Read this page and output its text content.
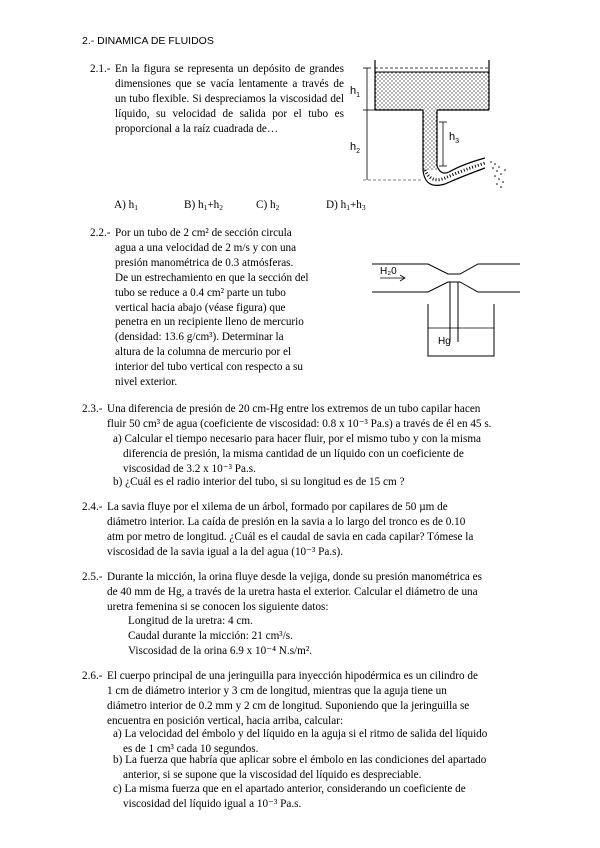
2.- DINAMICA DE FLUIDOS
2.1.- En la figura se representa un depósito de grandes dimensiones que se vacía lentamente a través de un tubo flexible. Si despreciamos la viscosidad del líquido, su velocidad de salida por el tubo es proporcional a la raíz cuadrada de…
A) $h_1$	B) $h_1+h_2$	C) $h_2$	D) $h_1+h_3$
$h_1$
$h_2$
$h_3$
2.2.- Por un tubo de 2 cm² de sección circula
agua a una velocidad de 2 m/s y con una
presión manométrica de 0.3 atmósferas.
De un estrechamiento en que la sección del
tubo se reduce a 0.4 cm² parte un tubo
vertical hacia abajo (véase figura) que
penetra en un recipiente lleno de mercurio
(densidad: 13.6 g/cm³). Determinar la
altura de la columna de mercurio por el
interior del tubo vertical con respecto a su
nivel exterior.
H₂0
Hg
2.3.- Una diferencia de presión de 20 cm-Hg entre los extremos de un tubo capilar hacen
fluir 50 cm³ de agua (coeficiente de viscosidad: 0.8 x 10⁻³ Pa.s) a través de él en 45 s.
a) Calcular el tiempo necesario para hacer fluir, por el mismo tubo y con la misma
diferencia de presión, la misma cantidad de un líquido con un coeficiente de
viscosidad de 3.2 x 10⁻³ Pa.s.
b) ¿Cuál es el radio interior del tubo, si su longitud es de 15 cm ?
2.4.- La savia fluye por el xilema de un árbol, formado por capilares de 50 µm de
diámetro interior. La caída de presión en la savia a lo largo del tronco es de 0.10
atm por metro de longitud. ¿Cuál es el caudal de savia en cada capilar? Tómese la
viscosidad de la savia igual a la del agua (10⁻³ Pa.s).
2.5.- Durante la micción, la orina fluye desde la vejiga, donde su presión manométrica es
de 40 mm de Hg, a través de la uretra hasta el exterior. Calcular el diámetro de una
uretra femenina si se conocen los siguiente datos:
Longitud de la uretra: 4 cm.
Caudal durante la micción: 21 cm³/s.
Viscosidad de la orina 6.9 x 10⁻⁴ N.s/m².
2.6.- El cuerpo principal de una jeringuilla para inyección hipodérmica es un cilindro de
1 cm de diámetro interior y 3 cm de longitud, mientras que la aguja tiene un
diámetro interior de 0.2 mm y 2 cm de longitud. Suponiendo que la jeringuilla se
encuentra en posición vertical, hacia arriba, calcular:
a) La velocidad del émbolo y del líquido en la aguja si el ritmo de salida del líquido
es de 1 cm³ cada 10 segundos.
b) La fuerza que habría que aplicar sobre el émbolo en las condiciones del apartado
anterior, si se supone que la viscosidad del líquido es despreciable.
c) La misma fuerza que en el apartado anterior, considerando un coeficiente de
viscosidad del líquido igual a 10⁻³ Pa.s.
